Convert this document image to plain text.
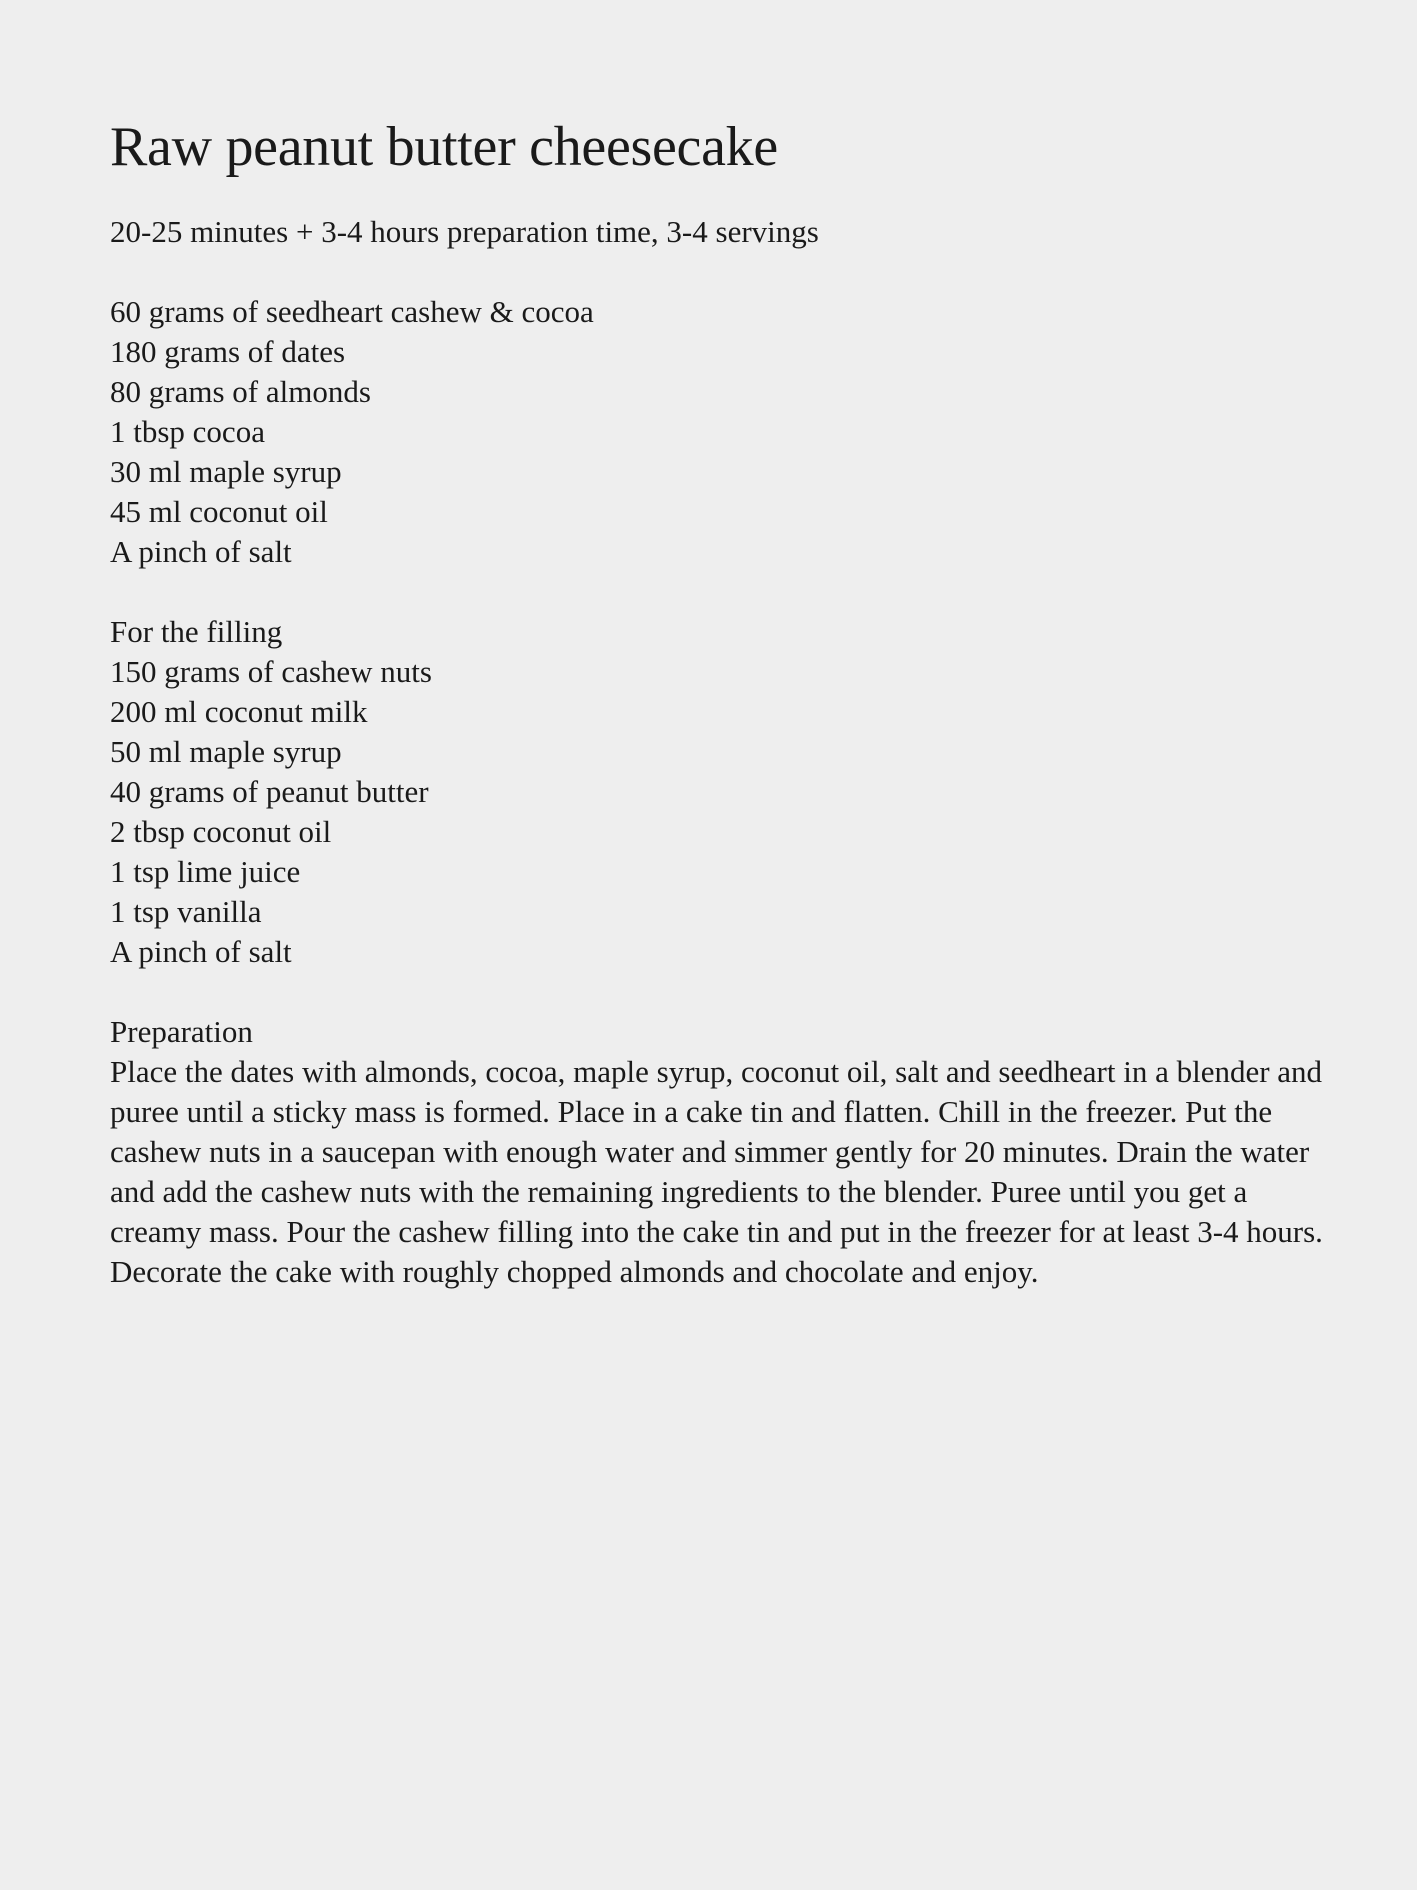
Raw peanut butter cheesecake

20-25 minutes + 3-4 hours preparation time, 3-4 servings

60 grams of seedheart cashew & cocoa
180 grams of dates
80 grams of almonds
1 tbsp cocoa
30 ml maple syrup
45 ml coconut oil
A pinch of salt
For the filling
150 grams of cashew nuts
200 ml coconut milk
50 ml maple syrup
40 grams of peanut butter
2 tbsp coconut oil
1 tsp lime juice
1 tsp vanilla
A pinch of salt
Preparation

Place the dates with almonds, cocoa, maple syrup, coconut oil, salt and seedheart in a blender and puree until a sticky mass is formed. Place in a cake tin and flatten. Chill in the freezer. Put the cashew nuts in a saucepan with enough water and simmer gently for 20 minutes. Drain the water and add the cashew nuts with the remaining ingredients to the blender. Puree until you get a creamy mass. Pour the cashew filling into the cake tin and put in the freezer for at least 3-4 hours. Decorate the cake with roughly chopped almonds and chocolate and enjoy.
